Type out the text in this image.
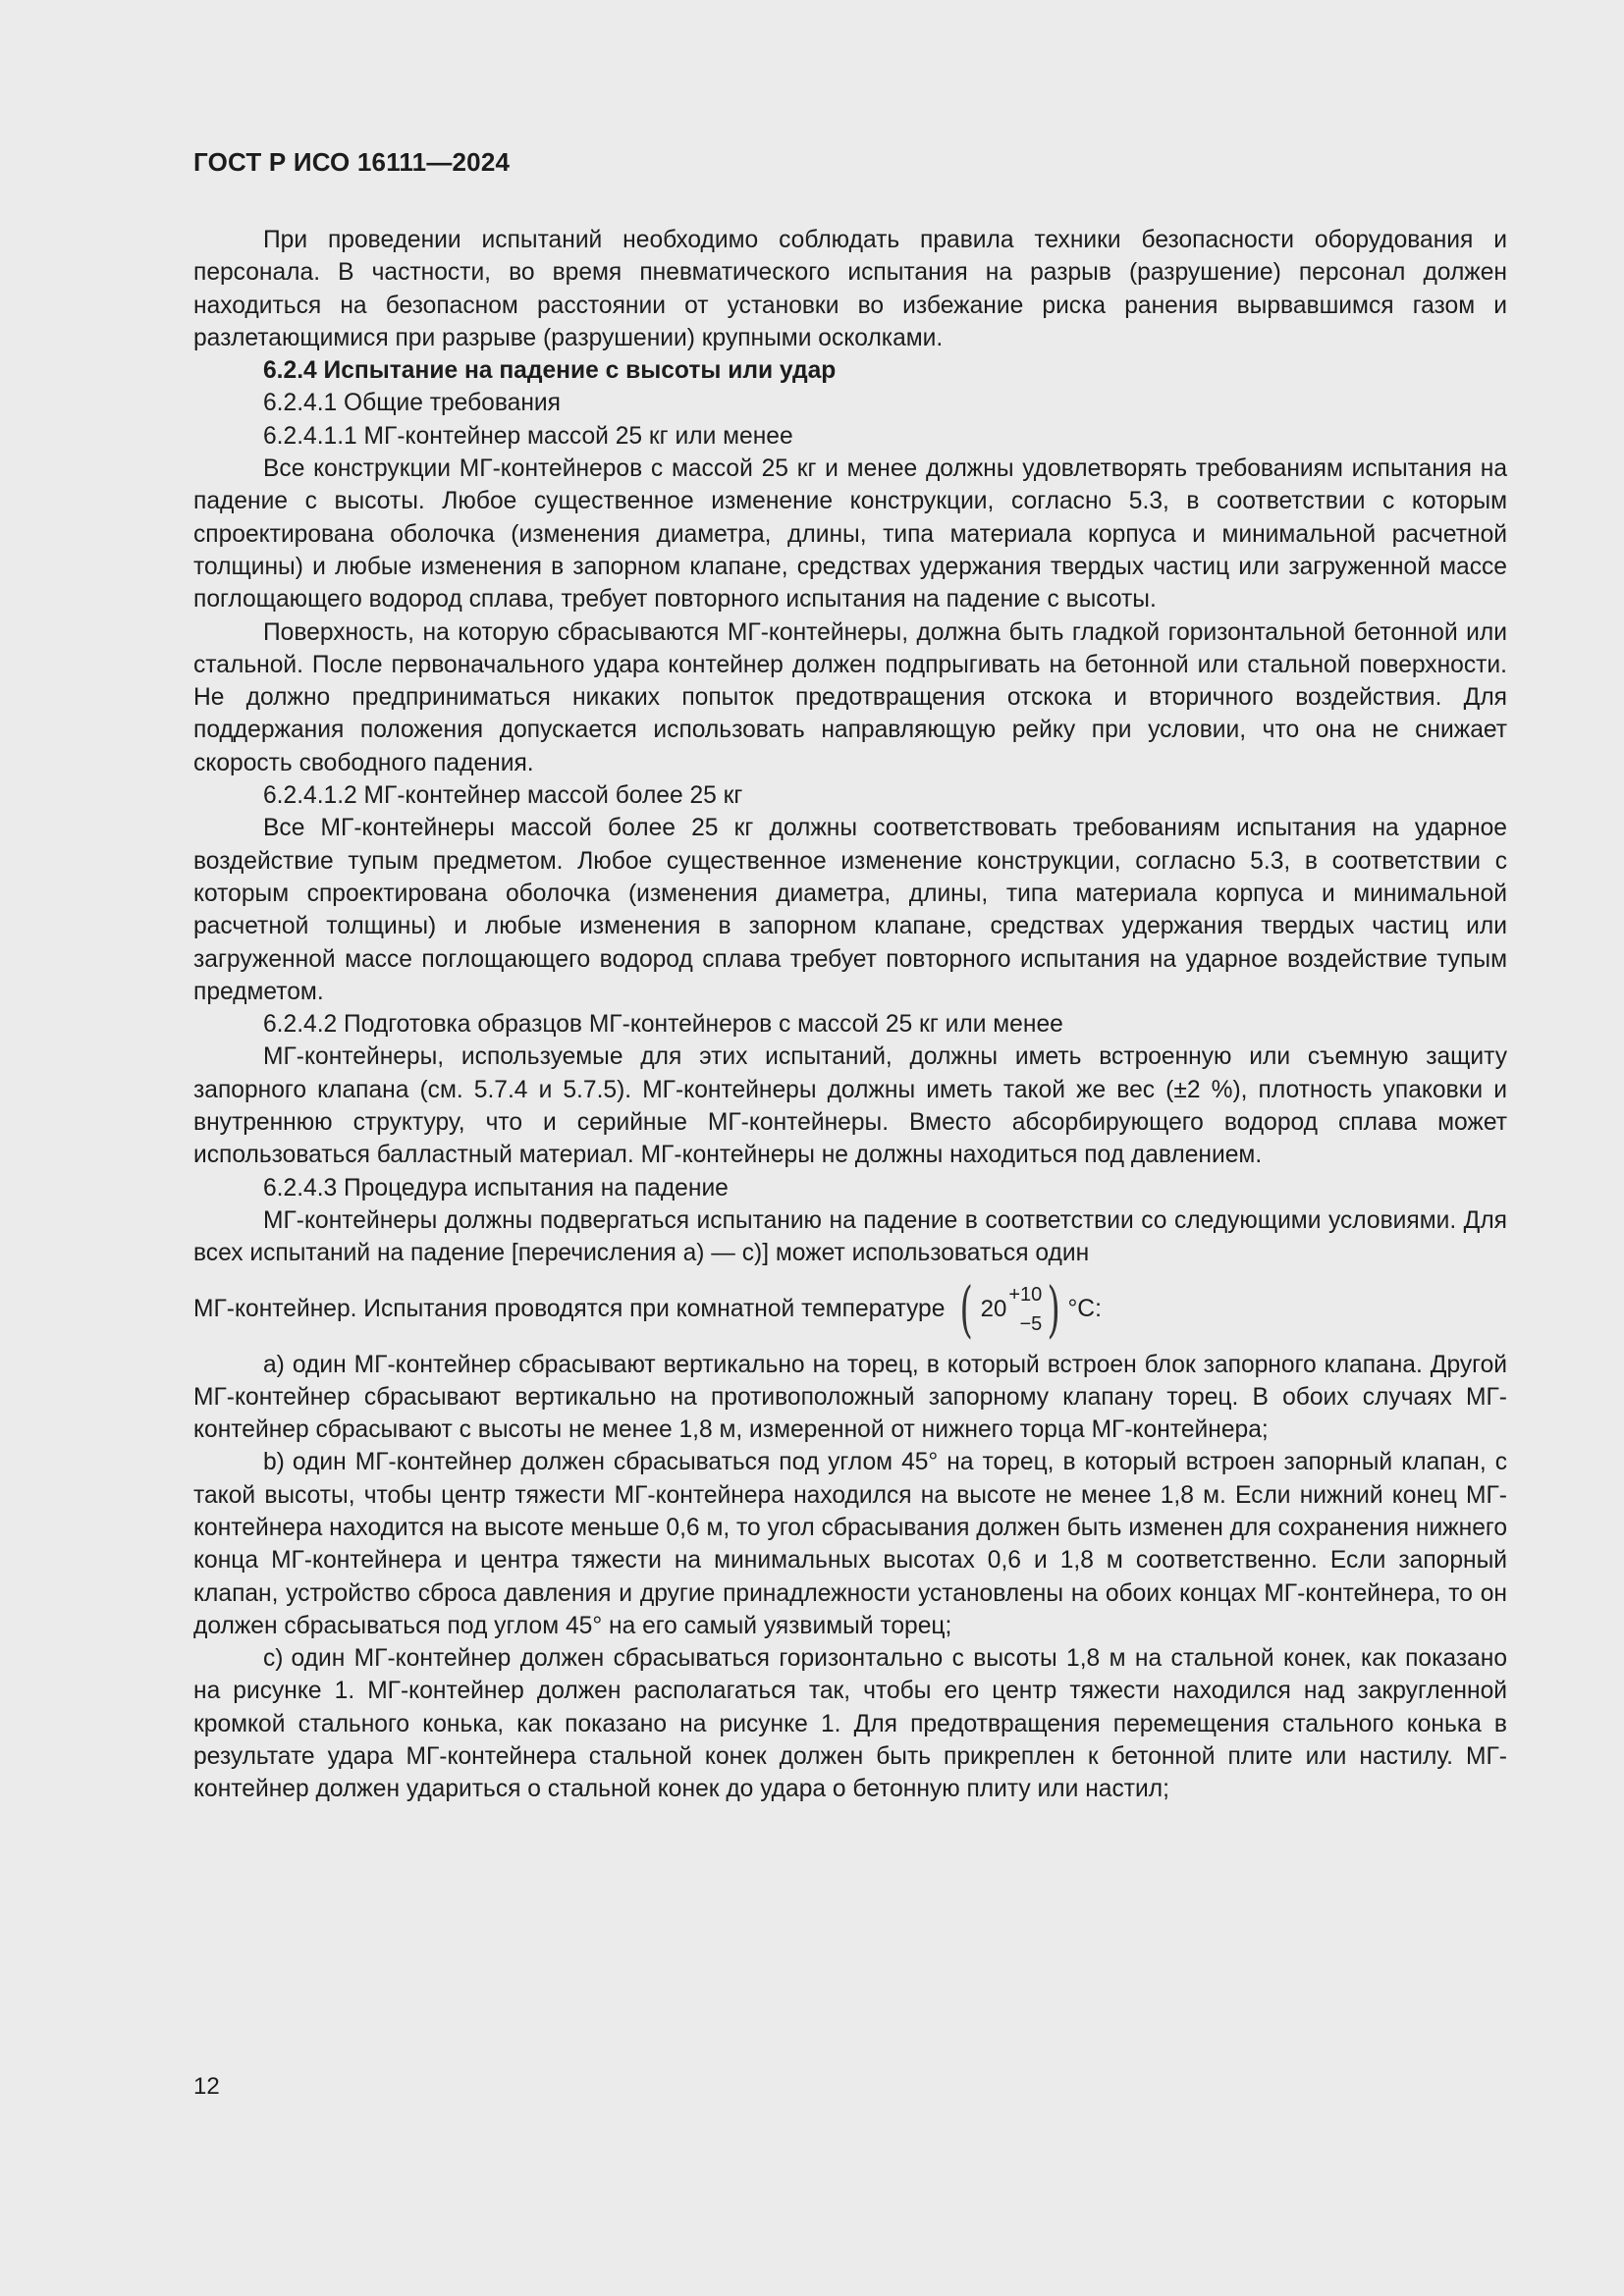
ГОСТ Р ИСО 16111—2024

При проведении испытаний необходимо соблюдать правила техники безопасности оборудования и персонала. В частности, во время пневматического испытания на разрыв (разрушение) персонал должен находиться на безопасном расстоянии от установки во избежание риска ранения вырвавшимся газом и разлетающимися при разрыве (разрушении) крупными осколками.

6.2.4 Испытание на падение с высоты или удар

6.2.4.1 Общие требования

6.2.4.1.1 МГ-контейнер массой 25 кг или менее

Все конструкции МГ-контейнеров с массой 25 кг и менее должны удовлетворять требованиям испытания на падение с высоты. Любое существенное изменение конструкции, согласно 5.3, в соответствии с которым спроектирована оболочка (изменения диаметра, длины, типа материала корпуса и минимальной расчетной толщины) и любые изменения в запорном клапане, средствах удержания твердых частиц или загруженной массе поглощающего водород сплава, требует повторного испытания на падение с высоты.

Поверхность, на которую сбрасываются МГ-контейнеры, должна быть гладкой горизонтальной бетонной или стальной. После первоначального удара контейнер должен подпрыгивать на бетонной или стальной поверхности. Не должно предприниматься никаких попыток предотвращения отскока и вторичного воздействия. Для поддержания положения допускается использовать направляющую рейку при условии, что она не снижает скорость свободного падения.

6.2.4.1.2 МГ-контейнер массой более 25 кг

Все МГ-контейнеры массой более 25 кг должны соответствовать требованиям испытания на ударное воздействие тупым предметом. Любое существенное изменение конструкции, согласно 5.3, в соответствии с которым спроектирована оболочка (изменения диаметра, длины, типа материала корпуса и минимальной расчетной толщины) и любые изменения в запорном клапане, средствах удержания твердых частиц или загруженной массе поглощающего водород сплава требует повторного испытания на ударное воздействие тупым предметом.

6.2.4.2 Подготовка образцов МГ-контейнеров с массой 25 кг или менее

МГ-контейнеры, используемые для этих испытаний, должны иметь встроенную или съемную защиту запорного клапана (см. 5.7.4 и 5.7.5). МГ-контейнеры должны иметь такой же вес (±2 %), плотность упаковки и внутреннюю структуру, что и серийные МГ-контейнеры. Вместо абсорбирующего водород сплава может использоваться балластный материал. МГ-контейнеры не должны находиться под давлением.

6.2.4.3 Процедура испытания на падение

МГ-контейнеры должны подвергаться испытанию на падение в соответствии со следующими условиями. Для всех испытаний на падение [перечисления a) — c)] может использоваться один

МГ-контейнер. Испытания проводятся при комнатной температуре ( 20
+10
−5 ) °С:

a) один МГ-контейнер сбрасывают вертикально на торец, в который встроен блок запорного клапана. Другой МГ-контейнер сбрасывают вертикально на противоположный запорному клапану торец. В обоих случаях МГ-контейнер сбрасывают с высоты не менее 1,8 м, измеренной от нижнего торца МГ-контейнера;

b) один МГ-контейнер должен сбрасываться под углом 45° на торец, в который встроен запорный клапан, с такой высоты, чтобы центр тяжести МГ-контейнера находился на высоте не менее 1,8 м. Если нижний конец МГ-контейнера находится на высоте меньше 0,6 м, то угол сбрасывания должен быть изменен для сохранения нижнего конца МГ-контейнера и центра тяжести на минимальных высотах 0,6 и 1,8 м соответственно. Если запорный клапан, устройство сброса давления и другие принадлежности установлены на обоих концах МГ-контейнера, то он должен сбрасываться под углом 45° на его самый уязвимый торец;

c) один МГ-контейнер должен сбрасываться горизонтально с высоты 1,8 м на стальной конек, как показано на рисунке 1. МГ-контейнер должен располагаться так, чтобы его центр тяжести находился над закругленной кромкой стального конька, как показано на рисунке 1. Для предотвращения перемещения стального конька в результате удара МГ-контейнера стальной конек должен быть прикреплен к бетонной плите или настилу. МГ-контейнер должен удариться о стальной конек до удара о бетонную плиту или настил;

12
